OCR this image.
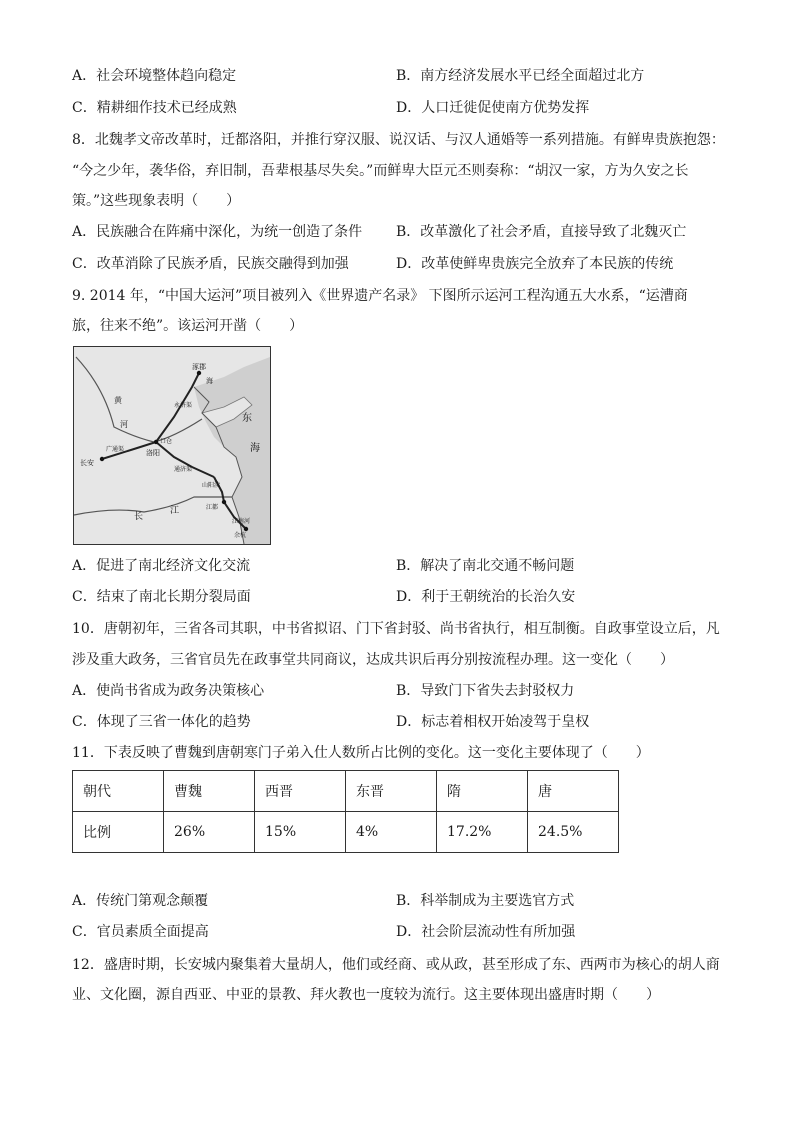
A．社会环境整体趋向稳定	B．南方经济发展水平已经全面超过北方
C．精耕细作技术已经成熟	D．人口迁徙促使南方优势发挥
8．北魏孝文帝改革时，迁都洛阳，并推行穿汉服、说汉话、与汉人通婚等一系列措施。有鲜卑贵族抱怨：
“今之少年，袭华俗，弃旧制，吾辈根基尽失矣。”而鲜卑大臣元丕则奏称：“胡汉一家，方为久安之长
策。”这些现象表明（　　）
A．民族融合在阵痛中深化，为统一创造了条件 B．改革激化了社会矛盾，直接导致了北魏灭亡
C．改革消除了民族矛盾，民族交融得到加强	D．改革使鲜卑贵族完全放弃了本民族的传统
9. 2014 年，“中国大运河”项目被列入《世界遗产名录》 下图所示运河工程沟通五大水系，“运漕商
旅，往来不绝”。该运河开凿（　　）
涿郡
长安
洛阳
广通渠
口仓
黄
河
永济渠
通济渠
山阳渎
江都
江南河
余杭
长
江
东
海
海
A．促进了南北经济文化交流	B．解决了南北交通不畅问题
C．结束了南北长期分裂局面	D．利于王朝统治的长治久安
10．唐朝初年，三省各司其职，中书省拟诏、门下省封驳、尚书省执行，相互制衡。自政事堂设立后，凡
涉及重大政务，三省官员先在政事堂共同商议，达成共识后再分别按流程办理。这一变化（　　）
A．使尚书省成为政务决策核心	B．导致门下省失去封驳权力
C．体现了三省一体化的趋势	D．标志着相权开始凌驾于皇权
11．下表反映了曹魏到唐朝寒门子弟入仕人数所占比例的变化。这一变化主要体现了（　　）
朝代	曹魏	西晋	东晋	隋	唐
比例	26%	15%	4%	17.2%	24.5%
A．传统门第观念颠覆	B．科举制成为主要选官方式
C．官员素质全面提高	D．社会阶层流动性有所加强
12．盛唐时期，长安城内聚集着大量胡人，他们或经商、或从政，甚至形成了东、西两市为核心的胡人商
业、文化圈，源自西亚、中亚的景教、拜火教也一度较为流行。这主要体现出盛唐时期（　　）
